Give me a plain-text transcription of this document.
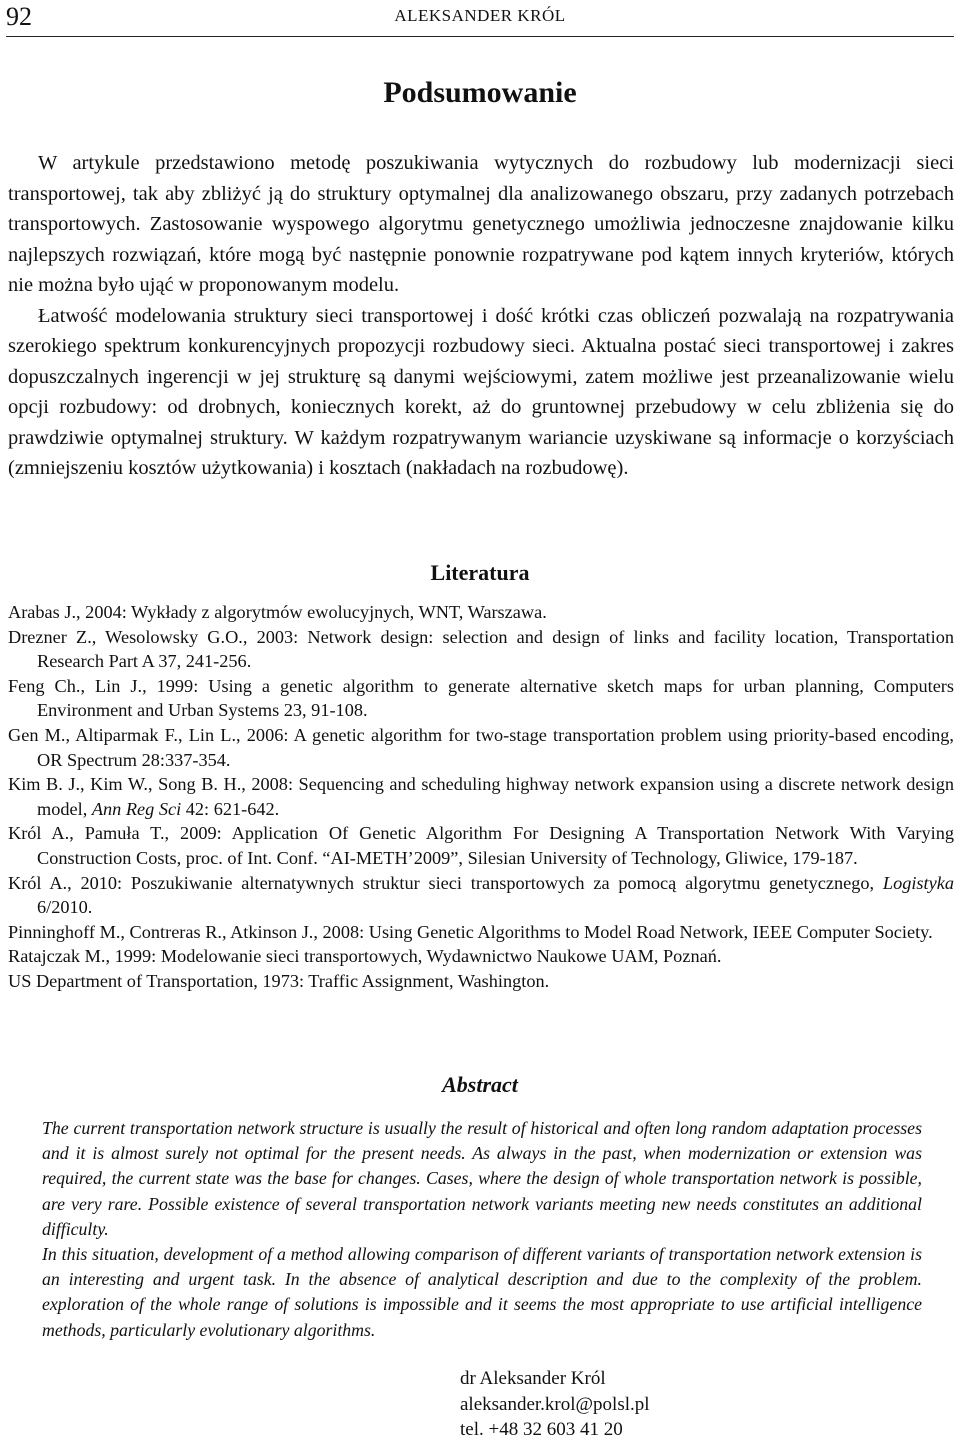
92	ALEKSANDER KRÓL
Podsumowanie

W artykule przedstawiono metodę poszukiwania wytycznych do rozbudowy lub modernizacji sieci transportowej, tak aby zbliżyć ją do struktury optymalnej dla analizowanego obszaru, przy zadanych potrzebach transportowych. Zastosowanie wyspowego algorytmu genetycznego umożliwia jednoczesne znajdowanie kilku najlepszych rozwiązań, które mogą być następnie ponownie rozpatrywane pod kątem innych kryteriów, których nie można było ująć w proponowanym modelu.

Łatwość modelowania struktury sieci transportowej i dość krótki czas obliczeń pozwalają na rozpatrywania szerokiego spektrum konkurencyjnych propozycji rozbudowy sieci. Aktualna postać sieci transportowej i zakres dopuszczalnych ingerencji w jej strukturę są danymi wejściowymi, zatem możliwe jest przeanalizowanie wielu opcji rozbudowy: od drobnych, koniecznych korekt, aż do gruntownej przebudowy w celu zbliżenia się do prawdziwie optymalnej struktury. W każdym rozpatrywanym wariancie uzyskiwane są informacje o korzyściach (zmniejszeniu kosztów użytkowania) i kosztach (nakładach na rozbudowę).

Literatura

Arabas J., 2004: Wykłady z algorytmów ewolucyjnych, WNT, Warszawa.

Drezner Z., Wesolowsky G.O., 2003: Network design: selection and design of links and facility location, Transportation Research Part A 37, 241-256.

Feng Ch., Lin J., 1999: Using a genetic algorithm to generate alternative sketch maps for urban planning, Computers Environment and Urban Systems 23, 91-108.

Gen M., Altiparmak F., Lin L., 2006: A genetic algorithm for two-stage transportation problem using priority-based encoding, OR Spectrum 28:337-354.

Kim B. J., Kim W., Song B. H., 2008: Sequencing and scheduling highway network expansion using a discrete network design model, Ann Reg Sci 42: 621-642.

Król A., Pamuła T., 2009: Application Of Genetic Algorithm For Designing A Transportation Network With Varying Construction Costs, proc. of Int. Conf. “AI-METH’2009”, Silesian University of Technology, Gliwice, 179-187.

Król A., 2010: Poszukiwanie alternatywnych struktur sieci transportowych za pomocą algorytmu genetycznego, Logistyka 6/2010.

Pinninghoff M., Contreras R., Atkinson J., 2008: Using Genetic Algorithms to Model Road Network, IEEE Computer Society.

Ratajczak M., 1999: Modelowanie sieci transportowych, Wydawnictwo Naukowe UAM, Poznań.

US Department of Transportation, 1973: Traffic Assignment, Washington.

Abstract

The current transportation network structure is usually the result of historical and often long random adaptation processes and it is almost surely not optimal for the present needs. As always in the past, when modernization or extension was required, the current state was the base for changes. Cases, where the design of whole transportation network is possible, are very rare. Possible existence of several transportation network variants meeting new needs constitutes an additional difficulty.

In this situation, development of a method allowing comparison of different variants of transportation network extension is an interesting and urgent task. In the absence of analytical description and due to the complexity of the problem. exploration of the whole range of solutions is impossible and it seems the most appropriate to use artificial intelligence methods, particularly evolutionary algorithms.

dr Aleksander Król
aleksander.krol@polsl.pl
tel. +48 32 603 41 20
